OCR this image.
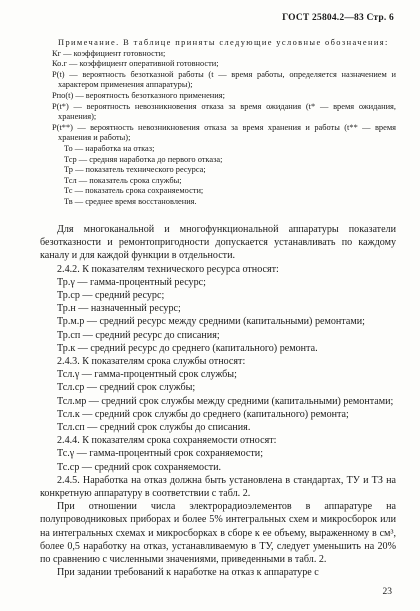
ГОСТ 25804.2—83 Стр. 6

Примечание. В таблице приняты следующие условные обозначения:

Кг — коэффициент готовности;

Ко.г — коэффициент оперативной готовности;

P(t) — вероятность безотказной работы (t — время работы, определяется назначением и характером применения аппаратуры);

Pпо(t) — вероятность безотказного применения;

P(t*) — вероятность невозникновения отказа за время ожидания (t* — время ожидания, хранения);

P(t**) — вероятность невозникновения отказа за время хранения и работы (t** — время хранения и работы);

То — наработка на отказ;

Тср — средняя наработка до первого отказа;

Тр — показатель технического ресурса;

Тсл — показатель срока службы;

Тс — показатель срока сохраняемости;

Тв — среднее время восстановления.

Для многоканальной и многофункциональной аппаратуры показатели безотказности и ремонтопригодности допускается устанавливать по каждому каналу и для каждой функции в отдельности.

2.4.2. К показателям технического ресурса относят:

Тр.γ — гамма-процентный ресурс;

Тр.ср — средний ресурс;

Тр.н — назначенный ресурс;

Тр.м.р — средний ресурс между средними (капитальными) ремонтами;

Тр.сп — средний ресурс до списания;

Тр.к — средний ресурс до среднего (капитального) ремонта.

2.4.3. К показателям срока службы относят:

Тсл.γ — гамма-процентный срок службы;

Тсл.ср — средний срок службы;

Тсл.мр — средний срок службы между средними (капитальными) ремонтами;

Тсл.к — средний срок службы до среднего (капитального) ремонта;

Тсл.сп — средний срок службы до списания.

2.4.4. К показателям срока сохраняемости относят:

Тс.γ — гамма-процентный срок сохраняемости;

Тс.ср — средний срок сохраняемости.

2.4.5. Наработка на отказ должна быть установлена в стандартах, ТУ и ТЗ на конкретную аппаратуру в соответствии с табл. 2.

При отношении числа электрорадиоэлементов в аппаратуре на полупроводниковых приборах и более 5% интегральных схем и микросборок или на интегральных схемах и микросборках в сборе к ее объему, выраженному в см³, более 0,5 наработку на отказ, устанавливаемую в ТУ, следует уменьшить на 20% по сравнению с численными значениями, приведенными в табл. 2.

При задании требований к наработке на отказ к аппаратуре с

23
